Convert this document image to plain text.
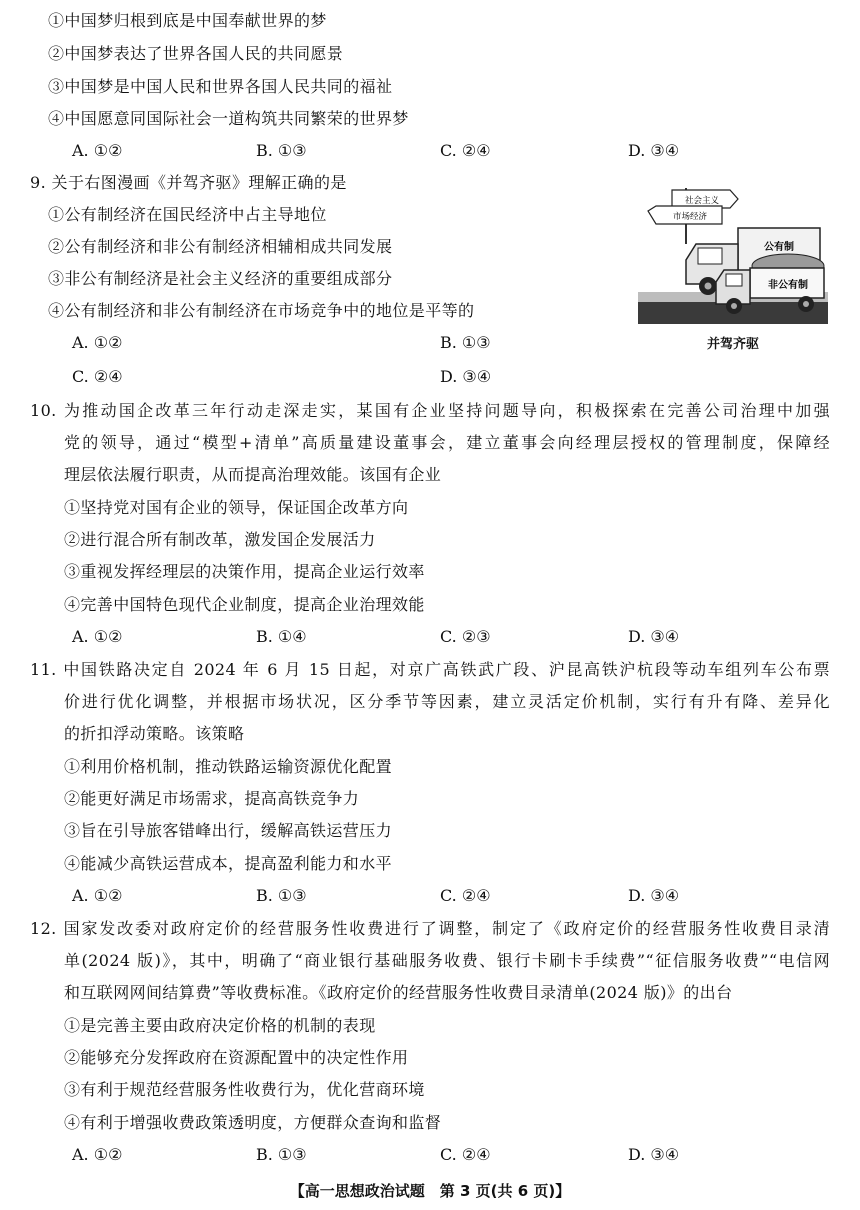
①中国梦归根到底是中国奉献世界的梦
②中国梦表达了世界各国人民的共同愿景
③中国梦是中国人民和世界各国人民共同的福祉
④中国愿意同国际社会一道构筑共同繁荣的世界梦
A. ①②	B. ①③	C. ②④	D. ③④
9. 关于右图漫画《并驾齐驱》理解正确的是
①公有制经济在国民经济中占主导地位
②公有制经济和非公有制经济相辅相成共同发展
③非公有制经济是社会主义经济的重要组成部分
④公有制经济和非公有制经济在市场竞争中的地位是平等的
A. ①②	B. ①③
C. ②④	D. ③④
社会主义
市场经济
公有制
非公有制
并驾齐驱
10. 为推动国企改革三年行动走深走实，某国有企业坚持问题导向，积极探索在完善公司治理中加强
党的领导，通过“模型+清单”高质量建设董事会，建立董事会向经理层授权的管理制度，保障经
理层依法履行职责，从而提高治理效能。该国有企业
①坚持党对国有企业的领导，保证国企改革方向
②进行混合所有制改革，激发国企发展活力
③重视发挥经理层的决策作用，提高企业运行效率
④完善中国特色现代企业制度，提高企业治理效能
A. ①②	B. ①④	C. ②③	D. ③④
11. 中国铁路决定自 2024 年 6 月 15 日起，对京广高铁武广段、沪昆高铁沪杭段等动车组列车公布票
价进行优化调整，并根据市场状况，区分季节等因素，建立灵活定价机制，实行有升有降、差异化
的折扣浮动策略。该策略
①利用价格机制，推动铁路运输资源优化配置
②能更好满足市场需求，提高高铁竞争力
③旨在引导旅客错峰出行，缓解高铁运营压力
④能减少高铁运营成本，提高盈利能力和水平
A. ①②	B. ①③	C. ②④	D. ③④
12. 国家发改委对政府定价的经营服务性收费进行了调整，制定了《政府定价的经营服务性收费目录清
单(2024 版)》，其中，明确了“商业银行基础服务收费、银行卡刷卡手续费”“征信服务收费”“电信网
和互联网网间结算费”等收费标准。《政府定价的经营服务性收费目录清单(2024 版)》的出台
①是完善主要由政府决定价格的机制的表现
②能够充分发挥政府在资源配置中的决定性作用
③有利于规范经营服务性收费行为，优化营商环境
④有利于增强收费政策透明度，方便群众查询和监督
A. ①②	B. ①③	C. ②④	D. ③④
【高一思想政治试题　第 3 页(共 6 页)】
